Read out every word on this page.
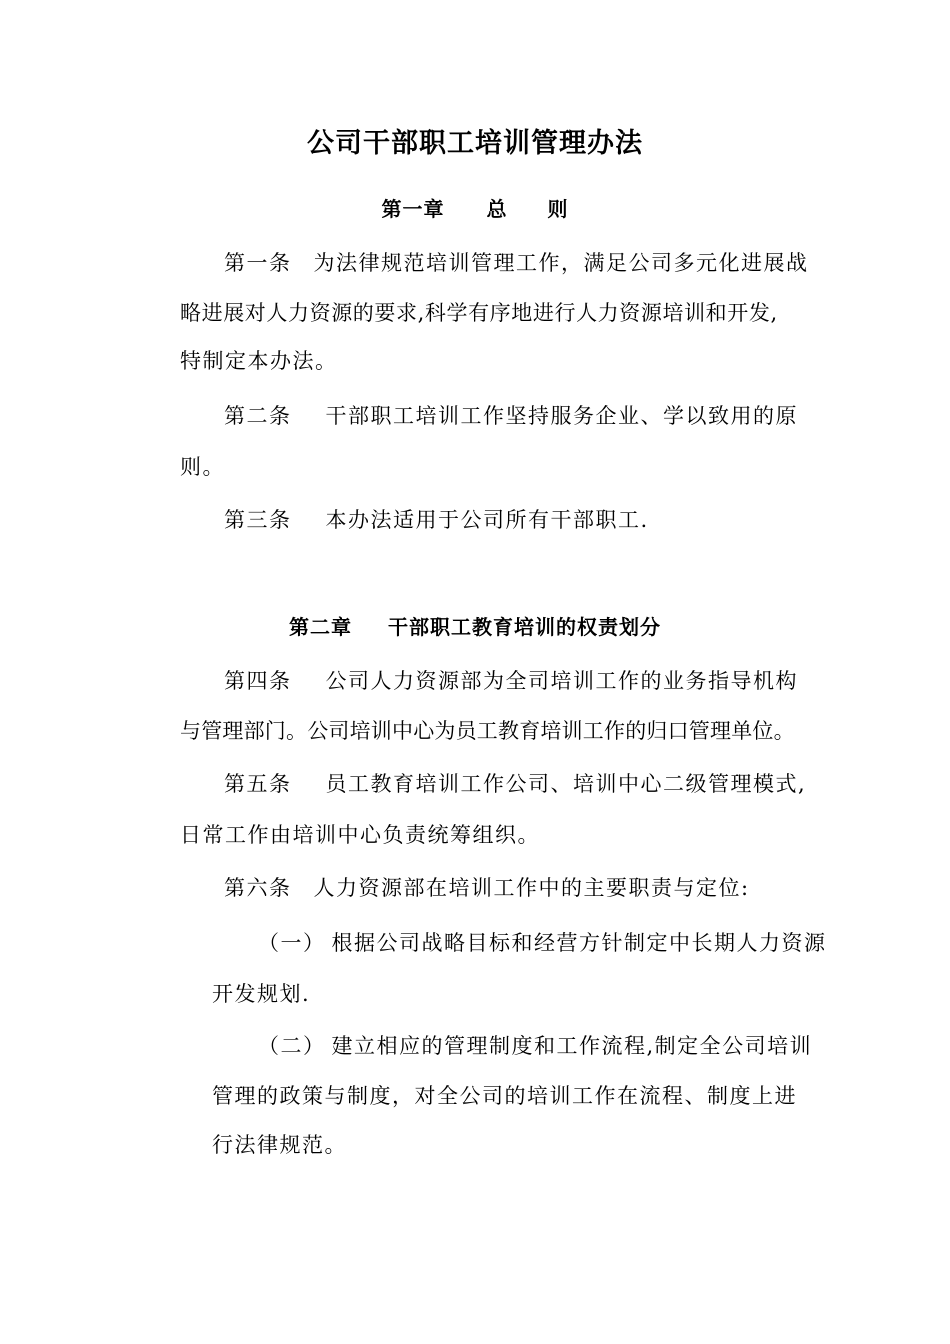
公司干部职工培训管理办法
第一章 总 则
第一条 为法律规范培训管理工作，满足公司多元化进展战
略进展对人力资源的要求,科学有序地进行人力资源培训和开发,
特制定本办法。
第二条 干部职工培训工作坚持服务企业、学以致用的原
则。
第三条 本办法适用于公司所有干部职工.
第二章 干部职工教育培训的权责划分
第四条 公司人力资源部为全司培训工作的业务指导机构
与管理部门。公司培训中心为员工教育培训工作的归口管理单位。
第五条 员工教育培训工作公司、培训中心二级管理模式,
日常工作由培训中心负责统筹组织。
第六条 人力资源部在培训工作中的主要职责与定位:
（一） 根据公司战略目标和经营方针制定中长期人力资源
开发规划.
（二） 建立相应的管理制度和工作流程,制定全公司培训
管理的政策与制度，对全公司的培训工作在流程、制度上进
行法律规范。
